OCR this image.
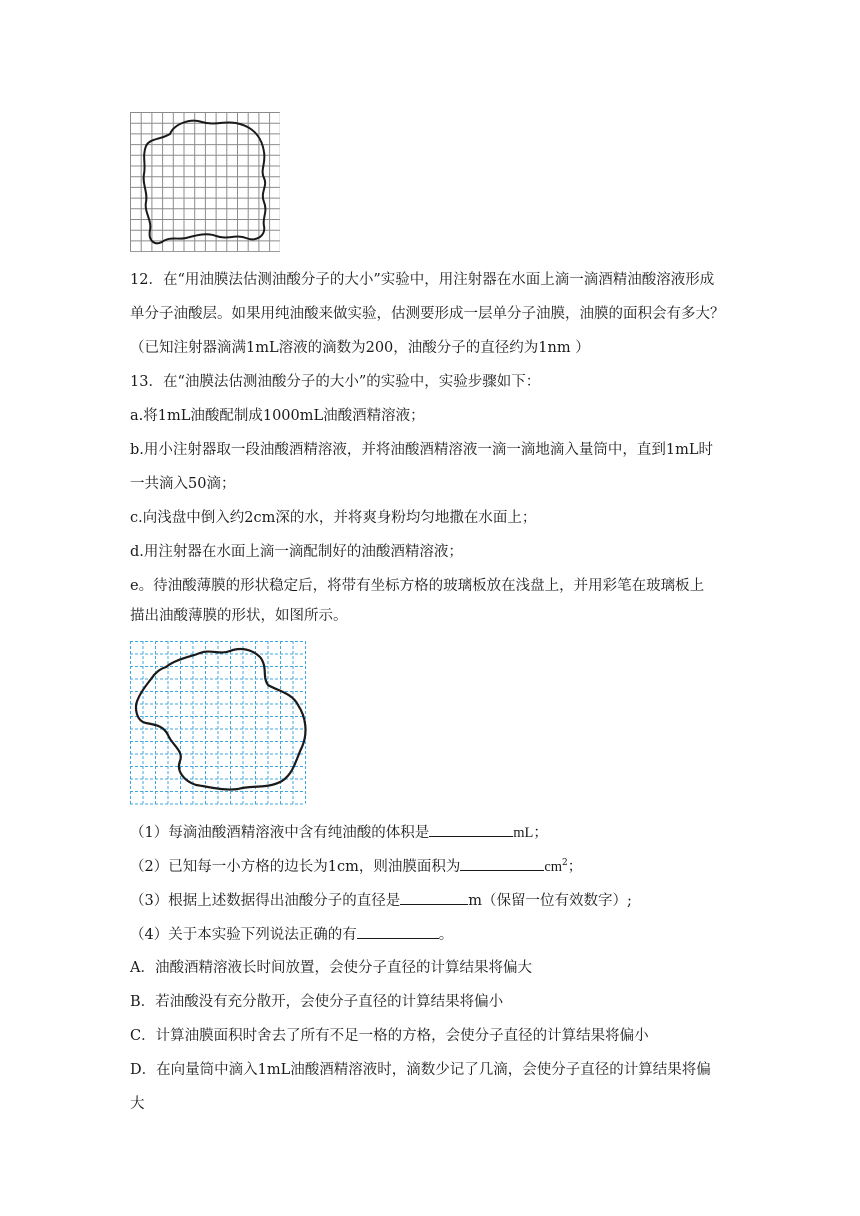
12．在“用油膜法估测油酸分子的大小”实验中，用注射器在水面上滴一滴酒精油酸溶液形成
单分子油酸层。如果用纯油酸来做实验，估测要形成一层单分子油膜，油膜的面积会有多大？
（已知注射器滴满1mL溶液的滴数为200，油酸分子的直径约为1nm ）
13．在“油膜法估测油酸分子的大小”的实验中，实验步骤如下：
a.将1mL油酸配制成1000mL油酸酒精溶液；
b.用小注射器取一段油酸酒精溶液，并将油酸酒精溶液一滴一滴地滴入量筒中，直到1mL时
一共滴入50滴；
c.向浅盘中倒入约2cm深的水，并将爽身粉均匀地撒在水面上；
d.用注射器在水面上滴一滴配制好的油酸酒精溶液；
e。待油酸薄膜的形状稳定后，将带有坐标方格的玻璃板放在浅盘上，并用彩笔在玻璃板上
描出油酸薄膜的形状，如图所示。
（1）每滴油酸酒精溶液中含有纯油酸的体积是	mL；
（2）已知每一小方格的边长为1cm，则油膜面积为	$cm^2$；
（3）根据上述数据得出油酸分子的直径是	m（保留一位有效数字）;
（4）关于本实验下列说法正确的有	。
A．油酸酒精溶液长时间放置，会使分子直径的计算结果将偏大
B．若油酸没有充分散开，会使分子直径的计算结果将偏小
C．计算油膜面积时舍去了所有不足一格的方格，会使分子直径的计算结果将偏小
D．在向量筒中滴入1mL油酸酒精溶液时，滴数少记了几滴，会使分子直径的计算结果将偏
大
